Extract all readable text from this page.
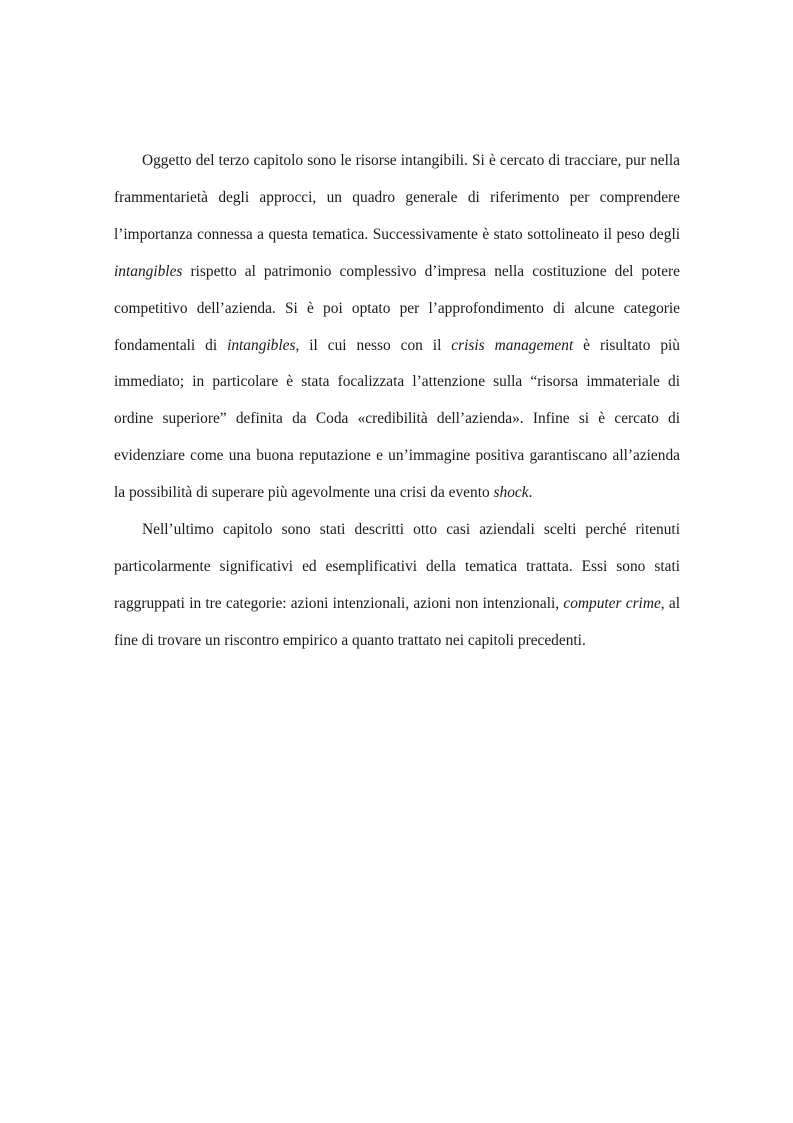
Oggetto del terzo capitolo sono le risorse intangibili. Si è cercato di tracciare, pur nella frammentarietà degli approcci, un quadro generale di riferimento per comprendere l’importanza connessa a questa tematica. Successivamente è stato sottolineato il peso degli intangibles rispetto al patrimonio complessivo d’impresa nella costituzione del potere competitivo dell’azienda. Si è poi optato per l’approfondimento di alcune categorie fondamentali di intangibles, il cui nesso con il crisis management è risultato più immediato; in particolare è stata focalizzata l’attenzione sulla “risorsa immateriale di ordine superiore” definita da Coda «credibilità dell’azienda». Infine si è cercato di evidenziare come una buona reputazione e un’immagine positiva garantiscano all’azienda la possibilità di superare più agevolmente una crisi da evento shock.

Nell’ultimo capitolo sono stati descritti otto casi aziendali scelti perché ritenuti particolarmente significativi ed esemplificativi della tematica trattata. Essi sono stati raggruppati in tre categorie: azioni intenzionali, azioni non intenzionali, computer crime, al fine di trovare un riscontro empirico a quanto trattato nei capitoli precedenti.
